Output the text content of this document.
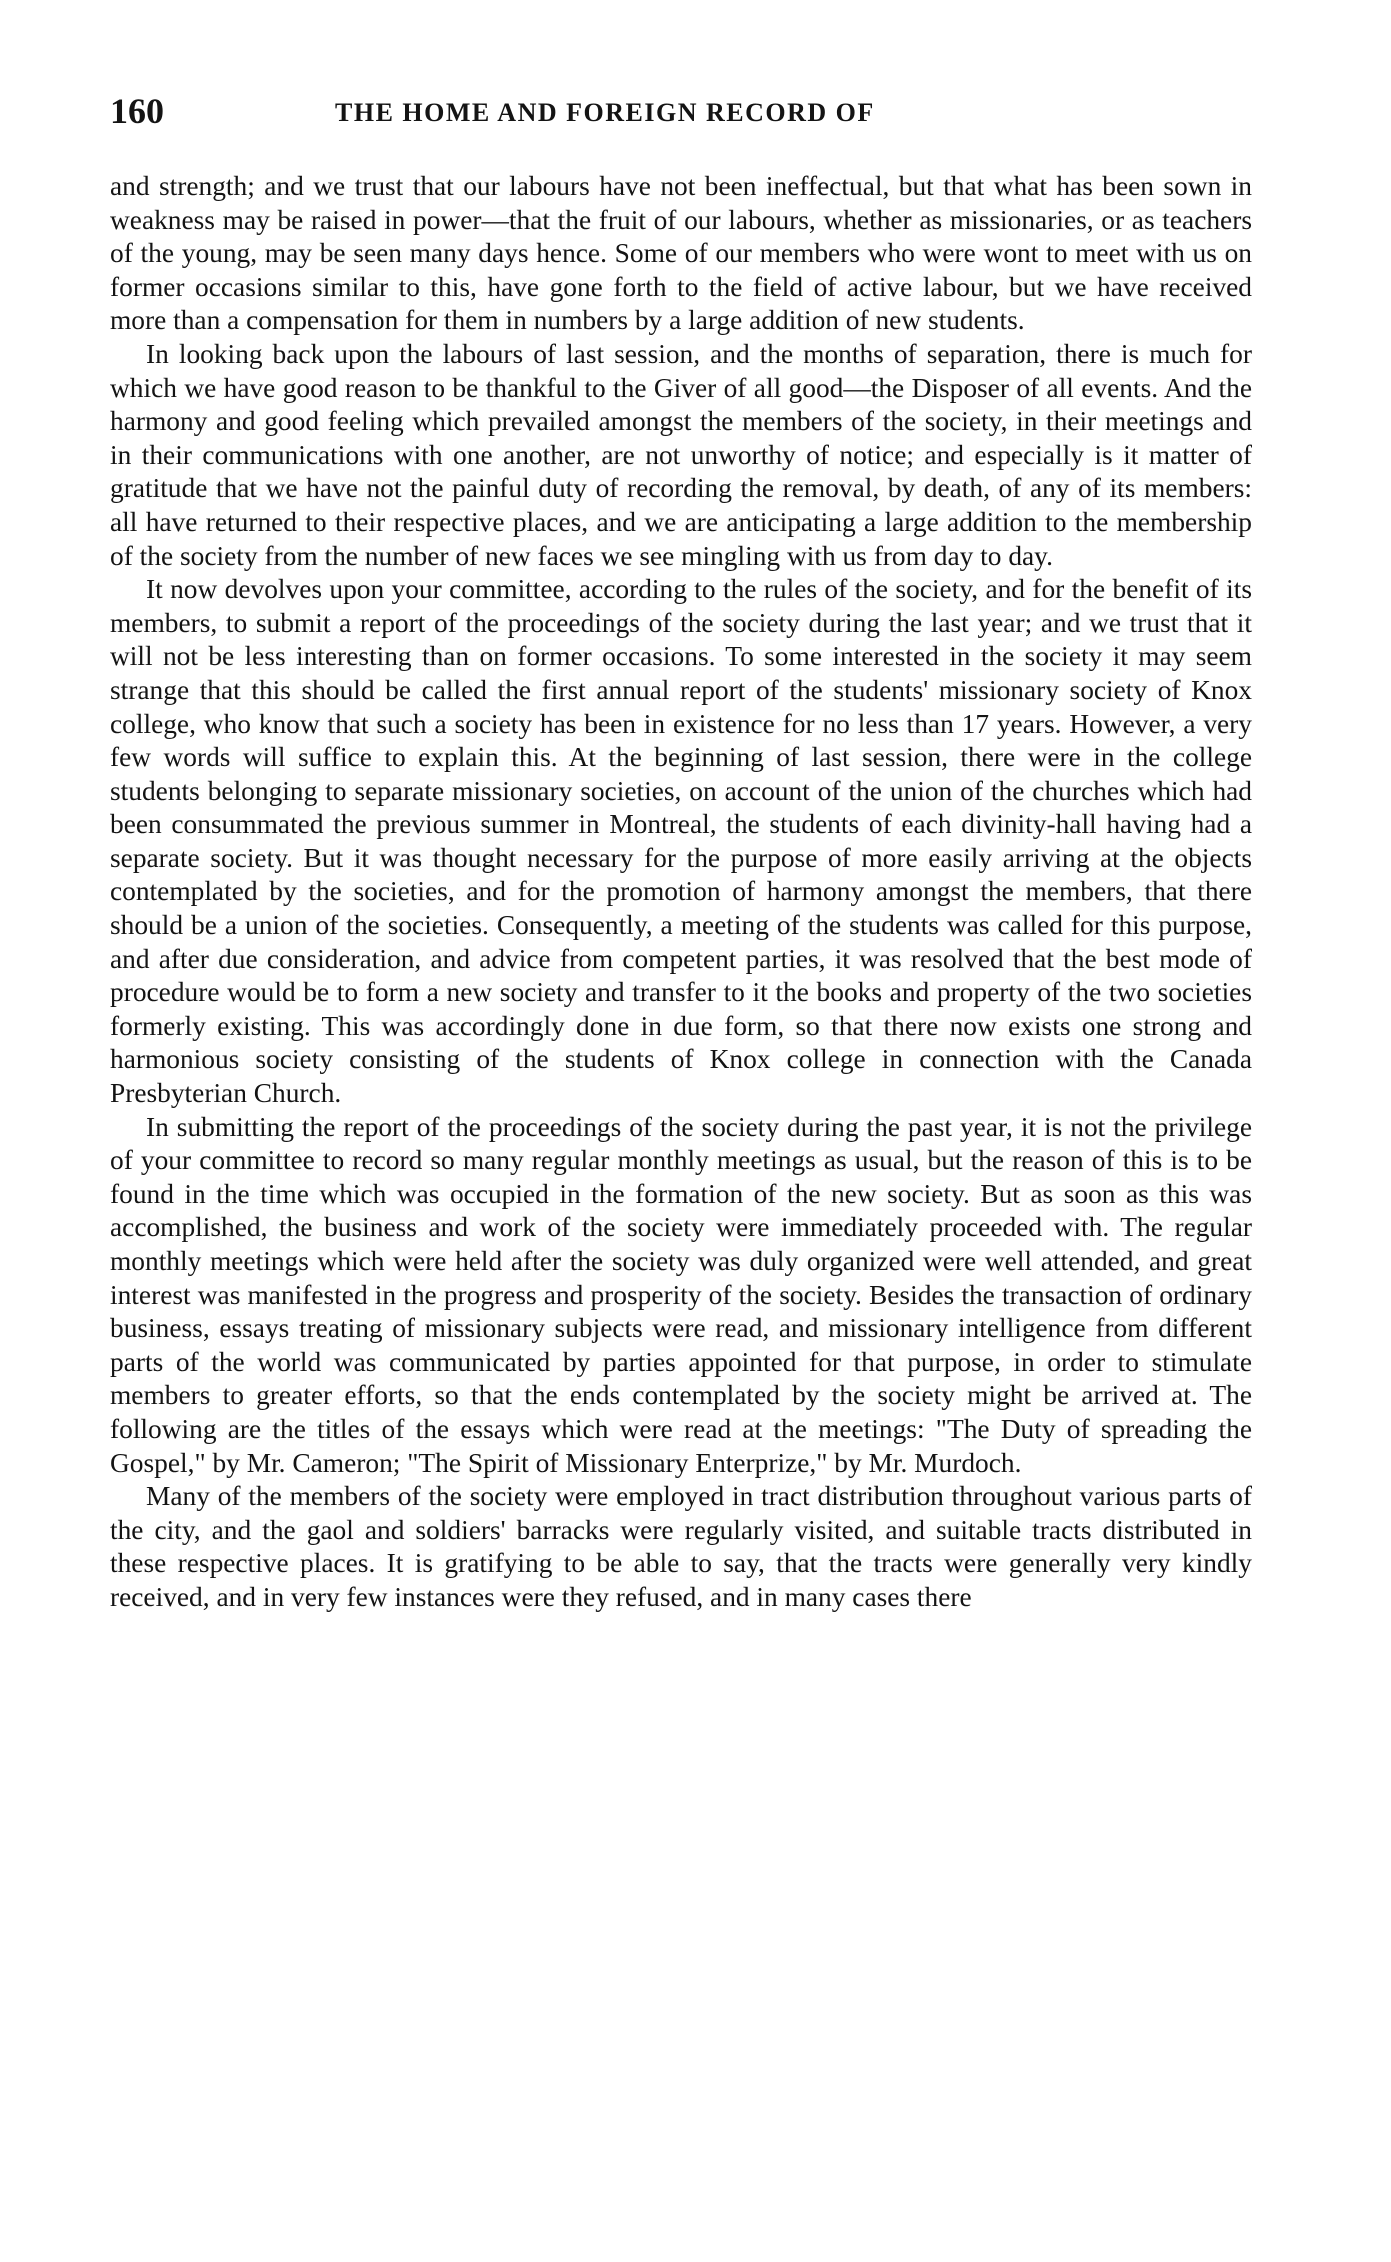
160	THE HOME AND FOREIGN RECORD OF

and strength; and we trust that our labours have not been ineffectual, but that what has been sown in weakness may be raised in power—that the fruit of our labours, whether as missionaries, or as teachers of the young, may be seen many days hence. Some of our members who were wont to meet with us on former occasions similar to this, have gone forth to the field of active labour, but we have received more than a compensation for them in numbers by a large addition of new students.

In looking back upon the labours of last session, and the months of separation, there is much for which we have good reason to be thankful to the Giver of all good—the Disposer of all events. And the harmony and good feeling which prevailed amongst the members of the society, in their meetings and in their communications with one another, are not unworthy of notice; and especially is it matter of gratitude that we have not the painful duty of recording the removal, by death, of any of its members: all have returned to their respective places, and we are anticipating a large addition to the membership of the society from the number of new faces we see mingling with us from day to day.

It now devolves upon your committee, according to the rules of the society, and for the benefit of its members, to submit a report of the proceedings of the society during the last year; and we trust that it will not be less interesting than on former occasions. To some interested in the society it may seem strange that this should be called the first annual report of the students' missionary society of Knox college, who know that such a society has been in existence for no less than 17 years. However, a very few words will suffice to explain this. At the beginning of last session, there were in the college students belonging to separate missionary societies, on account of the union of the churches which had been consummated the previous summer in Montreal, the students of each divinity-hall having had a separate society. But it was thought necessary for the purpose of more easily arriving at the objects contemplated by the societies, and for the promotion of harmony amongst the members, that there should be a union of the societies. Consequently, a meeting of the students was called for this purpose, and after due consideration, and advice from competent parties, it was resolved that the best mode of procedure would be to form a new society and transfer to it the books and property of the two societies formerly existing. This was accordingly done in due form, so that there now exists one strong and harmonious society consisting of the students of Knox college in connection with the Canada Presbyterian Church.

In submitting the report of the proceedings of the society during the past year, it is not the privilege of your committee to record so many regular monthly meetings as usual, but the reason of this is to be found in the time which was occupied in the formation of the new society. But as soon as this was accomplished, the business and work of the society were immediately proceeded with. The regular monthly meetings which were held after the society was duly organized were well attended, and great interest was manifested in the progress and prosperity of the society. Besides the transaction of ordinary business, essays treating of missionary subjects were read, and missionary intelligence from different parts of the world was communicated by parties appointed for that purpose, in order to stimulate members to greater efforts, so that the ends contemplated by the society might be arrived at. The following are the titles of the essays which were read at the meetings: "The Duty of spreading the Gospel," by Mr. Cameron; "The Spirit of Missionary Enterprize," by Mr. Murdoch.

Many of the members of the society were employed in tract distribution throughout various parts of the city, and the gaol and soldiers' barracks were regularly visited, and suitable tracts distributed in these respective places. It is gratifying to be able to say, that the tracts were generally very kindly received, and in very few instances were they refused, and in many cases there
